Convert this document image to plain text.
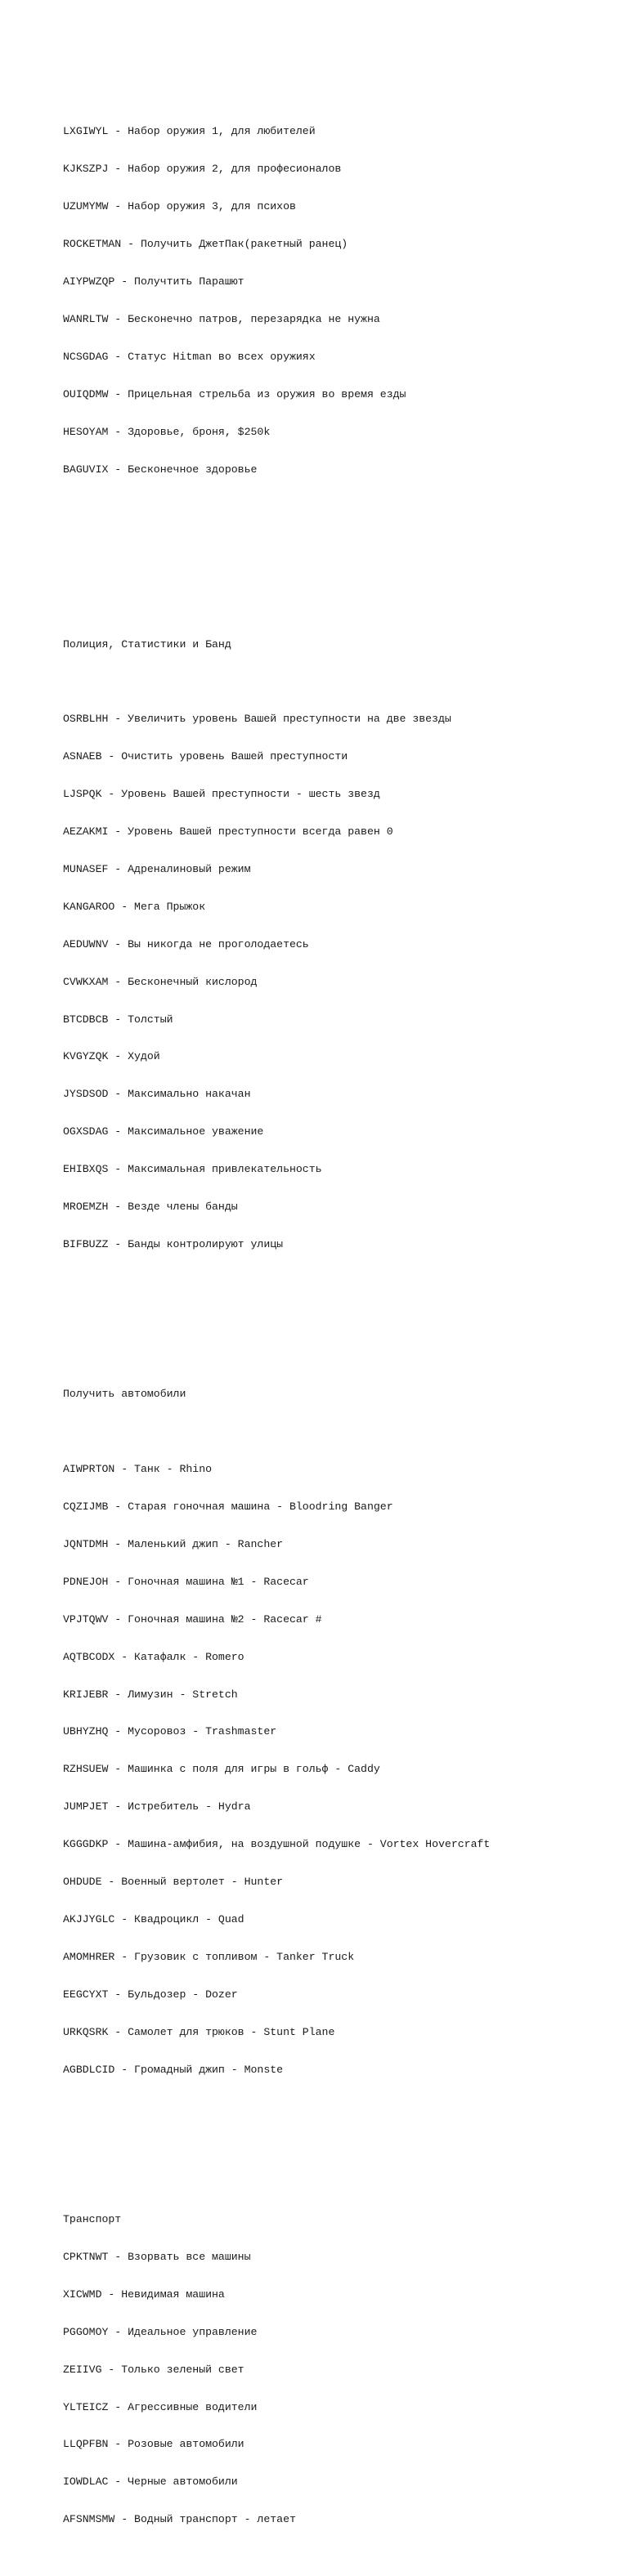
LXGIWYL - Набор оружия 1, для любителей

KJKSZPJ - Набор оружия 2, для професионалов

UZUMYMW - Набор оружия 3, для психов

ROCKETMAN - Получить ДжетПак(ракетный ранец)

AIYPWZQP - Получтить Парашют

WANRLTW - Бесконечно патров, перезарядка не нужна

NCSGDAG - Статус Hitman во всех оружиях

OUIQDMW - Прицельная стрельба из оружия во время езды

HESOYAM - Здоровье, броня, $250k

BAGUVIX - Бесконечное здоровье

Полиция, Статистики и Банд

OSRBLHH - Увеличить уровень Вашей преступности на две звезды

ASNAEB - Очистить уровень Вашей преступности

LJSPQK - Уровень Вашей преступности - шесть звезд

AEZAKMI - Уровень Вашей преступности всегда равен 0

MUNASEF - Адреналиновый режим

KANGAROO - Мега Прыжок

AEDUWNV - Вы никогда не проголодаетесь

CVWKXAM - Бесконечный кислород

BTCDBCB - Толстый

KVGYZQK - Худой

JYSDSOD - Максимально накачан

OGXSDAG - Максимальное уважение

EHIBXQS - Максимальная привлекательность

MROEMZH - Везде члены банды

BIFBUZZ - Банды контролируют улицы

Получить автомобили

AIWPRTON - Танк - Rhino

CQZIJMB - Старая гоночная машина - Bloodring Banger

JQNTDMH - Маленький джип - Rancher

PDNEJOH - Гоночная машина №1 - Racecar

VPJTQWV - Гоночная машина №2 - Racecar #

AQTBCODX - Катафалк - Romero

KRIJEBR - Лимузин - Stretch

UBHYZHQ - Мусоровоз - Trashmaster

RZHSUEW - Машинка с поля для игры в гольф - Caddy

JUMPJET - Истребитель - Hydra

KGGGDKP - Машина-амфибия, на воздушной подушке - Vortex Hovercraft

OHDUDE - Военный вертолет - Hunter

AKJJYGLC - Квадроцикл - Quad

AMOMHRER - Грузовик с топливом - Tanker Truck

EEGCYXT - Бульдозер - Dozer

URKQSRK - Самолет для трюков - Stunt Plane

AGBDLCID - Громадный джип - Monste

Транспорт

CPKTNWT - Взорвать все машины

XICWMD - Невидимая машина

PGGOMOY - Идеальное управление

ZEIIVG - Только зеленый свет

YLTEICZ - Агрессивные водители

LLQPFBN - Розовые автомобили

IOWDLAC - Черные автомобили

AFSNMSMW - Водный транспорт - летает
